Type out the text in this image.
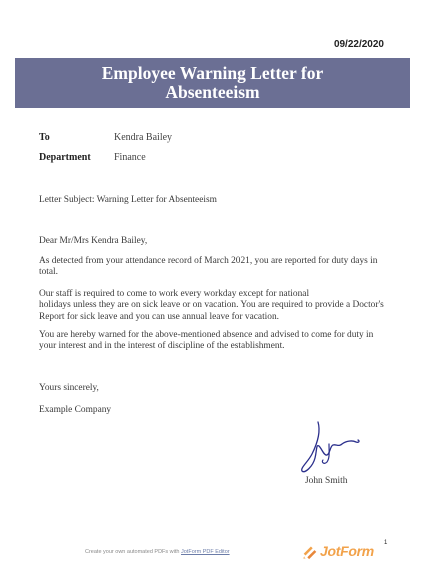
09/22/2020
Employee Warning Letter for Absenteeism
To	Kendra Bailey
Department Finance
Letter Subject: Warning Letter for Absenteeism
Dear Mr/Mrs Kendra Bailey,
As detected from your attendance record of March 2021, you are reported for duty days in total.
Our staff is required to come to work every workday except for national
holidays unless they are on sick leave or on vacation. You are required to provide a Doctor's Report for sick leave and you can use annual leave for vacation.
You are hereby warned for the above-mentioned absence and advised to come for duty in your interest and in the interest of discipline of the establishment.
Yours sincerely,
Example Company
John Smith
Create your own automated PDFs with JotForm PDF Editor	JotForm 1
